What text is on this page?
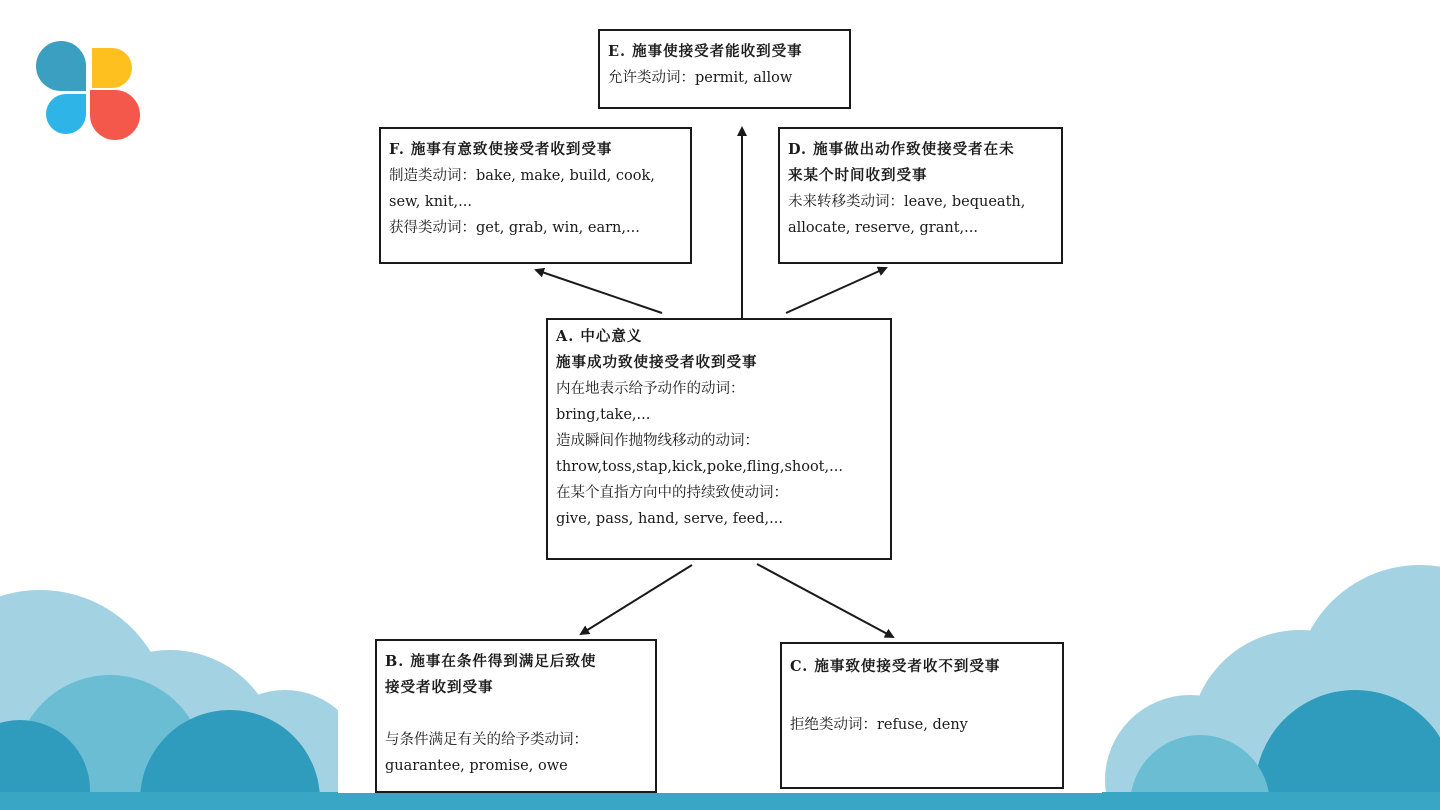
E. 施事使接受者能收到受事
允许类动词：permit, allow
F. 施事有意致使接受者收到受事
制造类动词：bake, make, build, cook,
sew, knit,...
获得类动词：get, grab, win, earn,...
D. 施事做出动作致使接受者在未
来某个时间收到受事
未来转移类动词：leave, bequeath,
allocate, reserve, grant,...
A. 中心意义
施事成功致使接受者收到受事
内在地表示给予动作的动词：
bring,take,...
造成瞬间作抛物线移动的动词：
throw,toss,stap,kick,poke,fling,shoot,...
在某个直指方向中的持续致使动词：
give, pass, hand, serve, feed,...
B. 施事在条件得到满足后致使
接受者收到受事
与条件满足有关的给予类动词：
guarantee, promise, owe
C. 施事致使接受者收不到受事
拒绝类动词：refuse, deny
